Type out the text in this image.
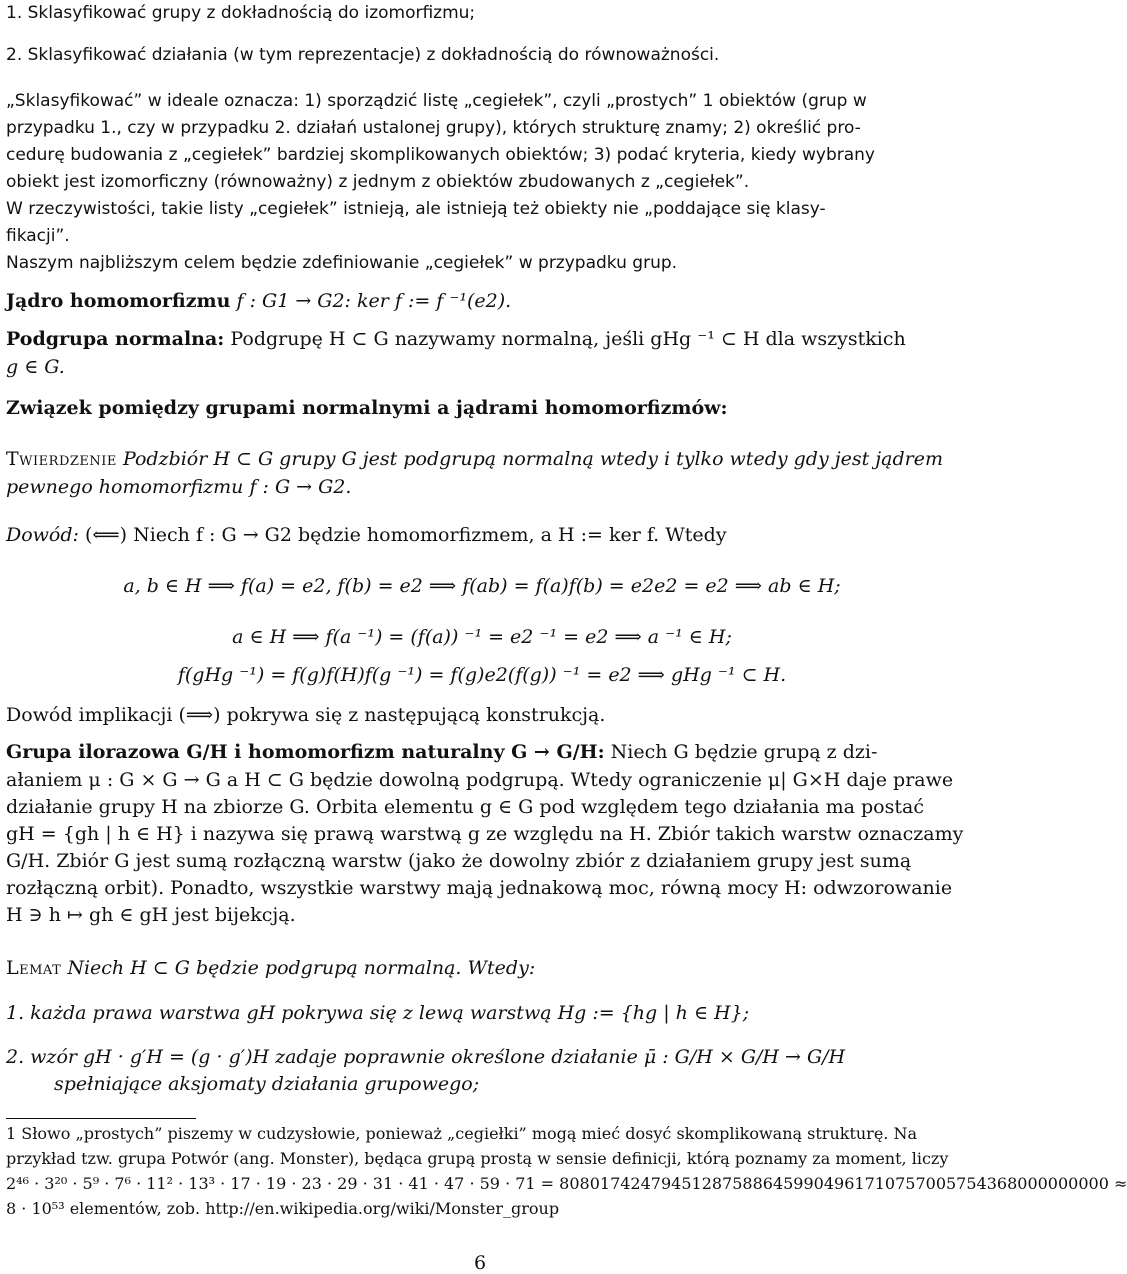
1. Sklasyfikować grupy z dokładnością do izomorfizmu;
2. Sklasyfikować działania (w tym reprezentacje) z dokładnością do równoważności.
„Sklasyfikować” w ideale oznacza: 1) sporządzić listę „cegiełek”, czyli „prostych” 1 obiektów (grup w
przypadku 1., czy w przypadku 2. działań ustalonej grupy), których strukturę znamy; 2) określić pro-
cedurę budowania z „cegiełek” bardziej skomplikowanych obiektów; 3) podać kryteria, kiedy wybrany
obiekt jest izomorficzny (równoważny) z jednym z obiektów zbudowanych z „cegiełek”.
W rzeczywistości, takie listy „cegiełek” istnieją, ale istnieją też obiekty nie „poddające się klasy-
fikacji”.
Naszym najbliższym celem będzie zdefiniowanie „cegiełek” w przypadku grup.
Jądro homomorfizmu f : G1 → G2: ker f := f ⁻¹(e2).
Podgrupa normalna: Podgrupę H ⊂ G nazywamy normalną, jeśli gHg ⁻¹ ⊂ H dla wszystkich
g ∈ G.
Związek pomiędzy grupami normalnymi a jądrami homomorfizmów:
Twierdzenie Podzbiór H ⊂ G grupy G jest podgrupą normalną wtedy i tylko wtedy gdy jest jądrem
pewnego homomorfizmu f : G → G2.
Dowód: (⟸) Niech f : G → G2 będzie homomorfizmem, a H := ker f. Wtedy
a, b ∈ H ⟹ f(a) = e2, f(b) = e2 ⟹ f(ab) = f(a)f(b) = e2e2 = e2 ⟹ ab ∈ H;
a ∈ H ⟹ f(a ⁻¹) = (f(a)) ⁻¹ = e2 ⁻¹ = e2 ⟹ a ⁻¹ ∈ H;
f(gHg ⁻¹) = f(g)f(H)f(g ⁻¹) = f(g)e2(f(g)) ⁻¹ = e2 ⟹ gHg ⁻¹ ⊂ H.
Dowód implikacji (⟹) pokrywa się z następującą konstrukcją.
Grupa ilorazowa G/H i homomorfizm naturalny G → G/H: Niech G będzie grupą z dzi-
ałaniem μ : G × G → G a H ⊂ G będzie dowolną podgrupą. Wtedy ograniczenie μ| G×H daje prawe
działanie grupy H na zbiorze G. Orbita elementu g ∈ G pod względem tego działania ma postać
gH = {gh | h ∈ H} i nazywa się prawą warstwą g ze względu na H. Zbiór takich warstw oznaczamy
G/H. Zbiór G jest sumą rozłączną warstw (jako że dowolny zbiór z działaniem grupy jest sumą
rozłączną orbit). Ponadto, wszystkie warstwy mają jednakową moc, równą mocy H: odwzorowanie
H ∋ h ↦ gh ∈ gH jest bijekcją.
Lemat Niech H ⊂ G będzie podgrupą normalną. Wtedy:
1. każda prawa warstwa gH pokrywa się z lewą warstwą Hg := {hg | h ∈ H};
2. wzór gH · g′H = (g · g′)H zadaje poprawnie określone działanie μ̄ : G/H × G/H → G/H
spełniające aksjomaty działania grupowego;
1 Słowo „prostych” piszemy w cudzysłowie, ponieważ „cegiełki” mogą mieć dosyć skomplikowaną strukturę. Na
przykład tzw. grupa Potwór (ang. Monster), będąca grupą prostą w sensie definicji, którą poznamy za moment, liczy
2⁴⁶ · 3²⁰ · 5⁹ · 7⁶ · 11² · 13³ · 17 · 19 · 23 · 29 · 31 · 41 · 47 · 59 · 71 = 808017424794512875886459904961710757005754368000000000 ≈
8 · 10⁵³ elementów, zob. http://en.wikipedia.org/wiki/Monster_group
6
